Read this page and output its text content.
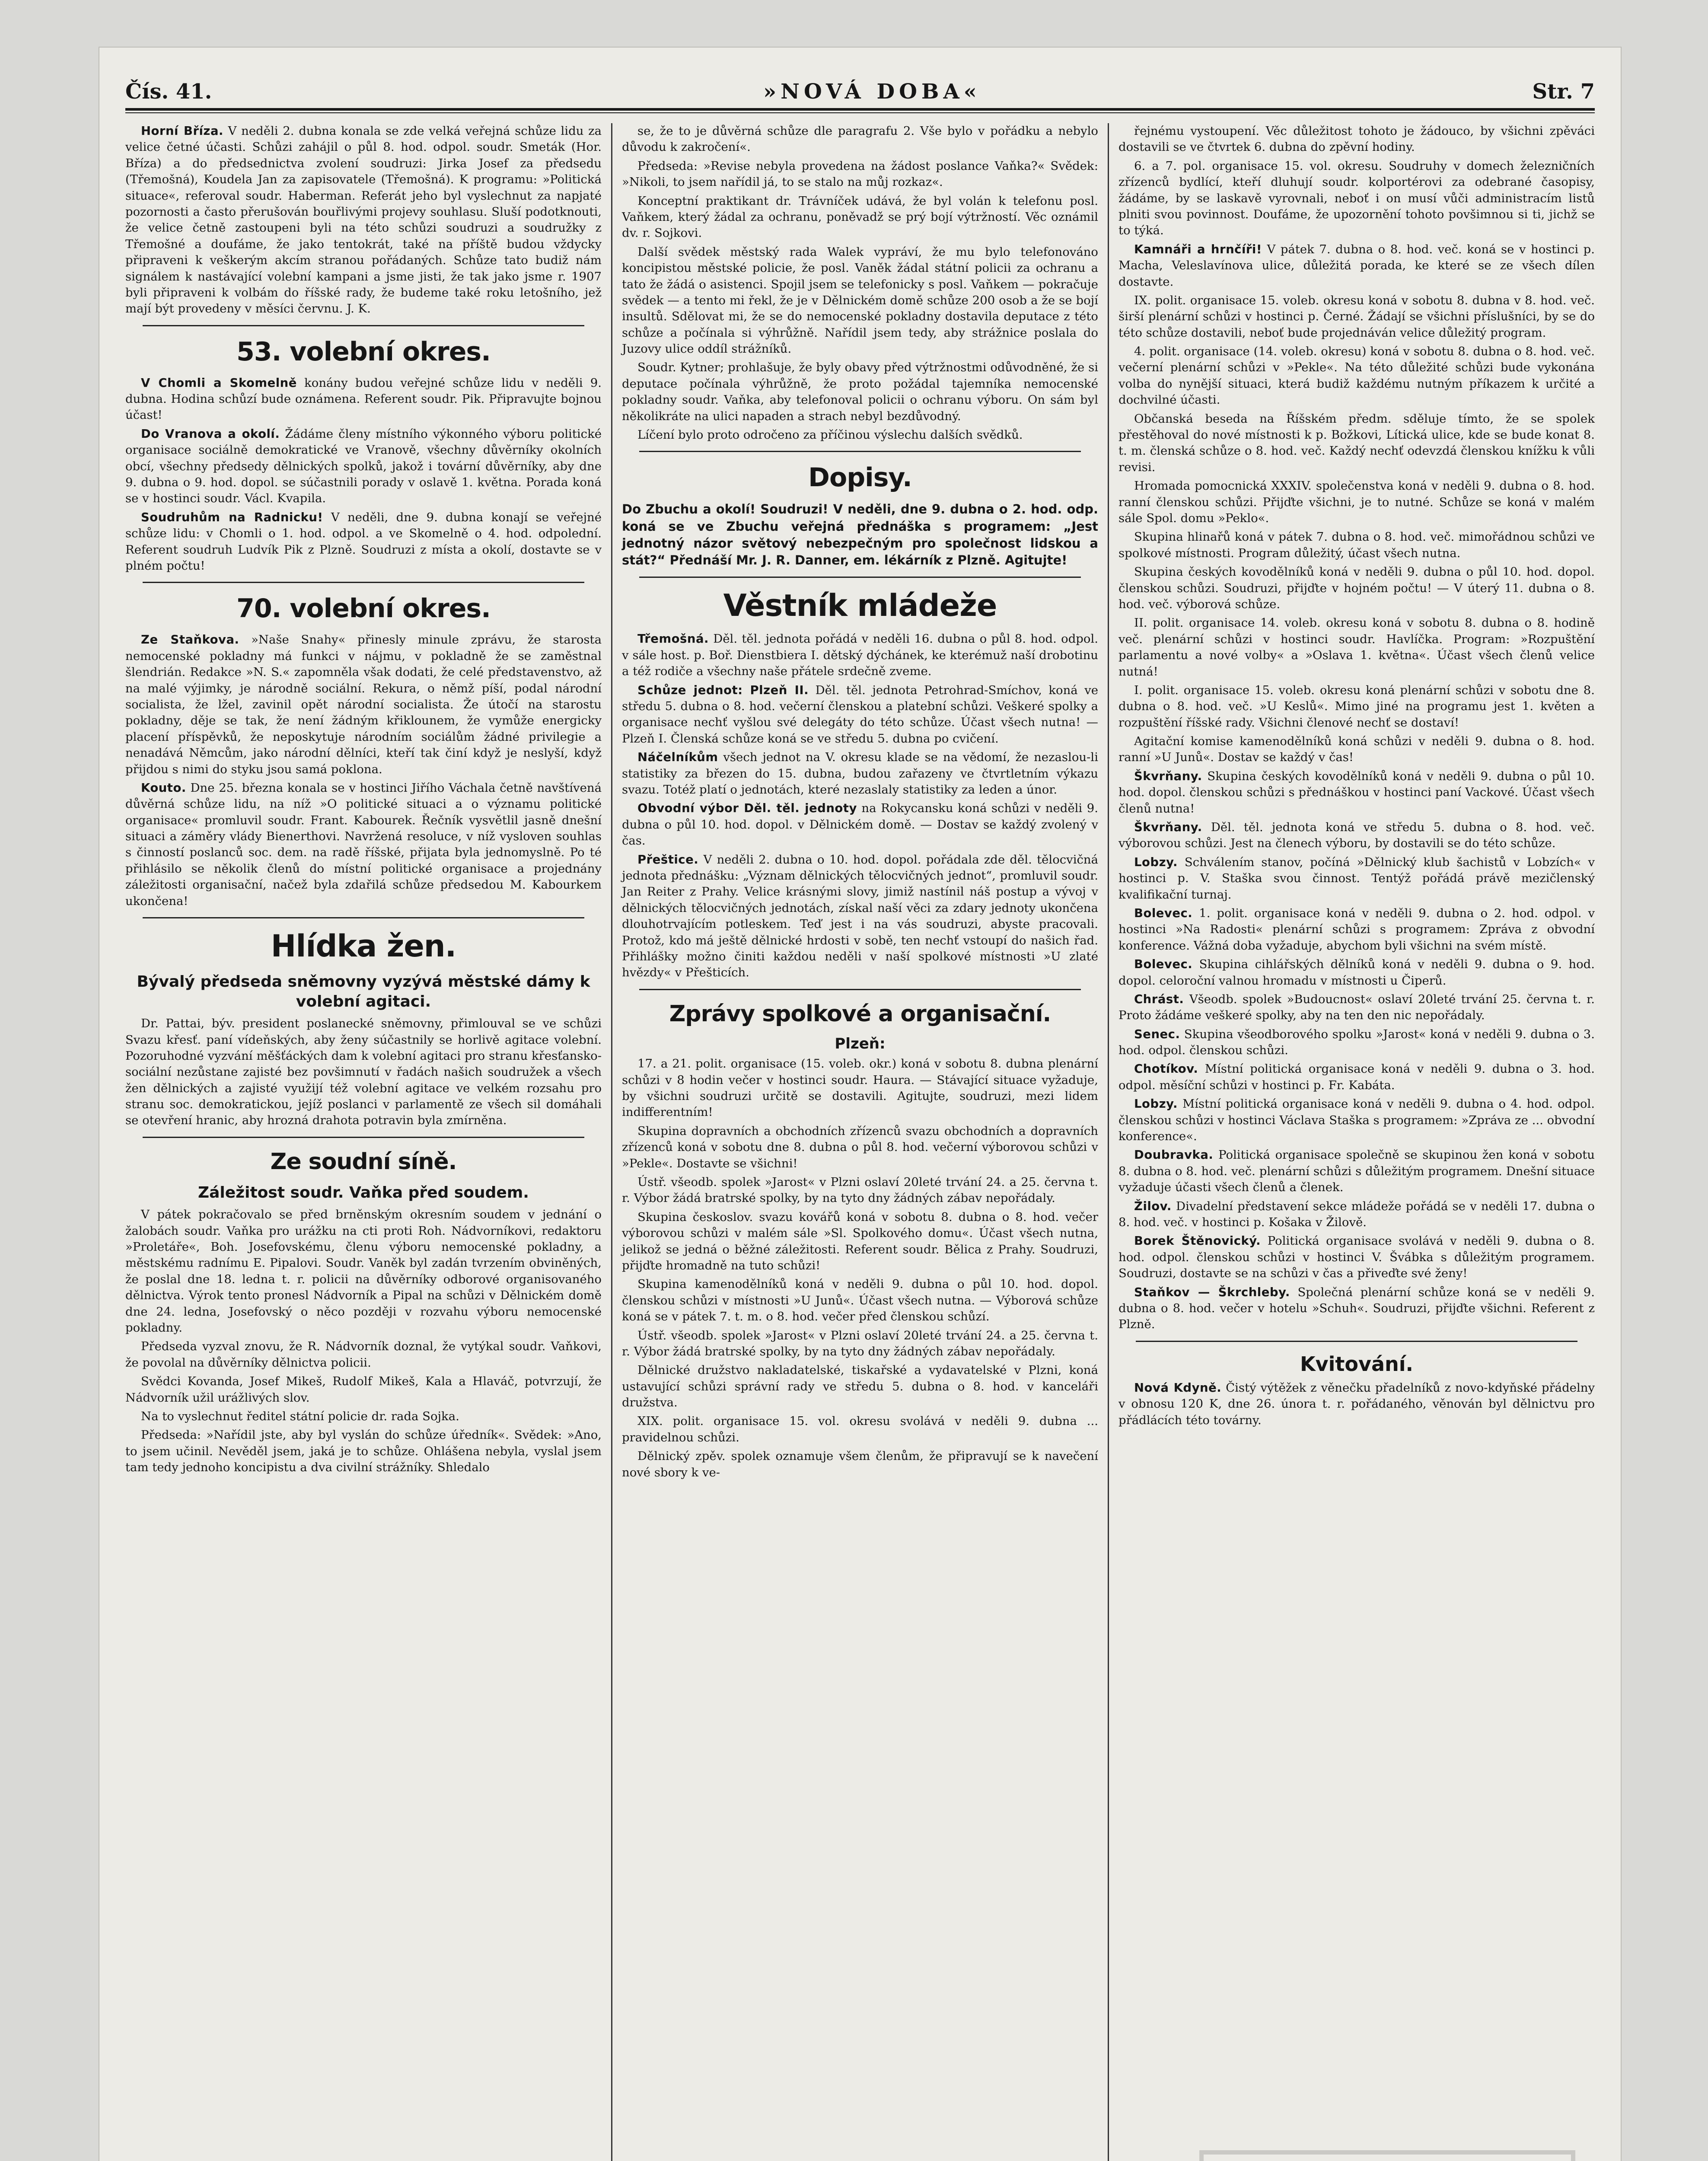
Čís. 41.	»NOVÁ DOBA«	Str. 7

Horní Bříza. V neděli 2. dubna konala se zde velká veřejná schůze lidu za velice četné účasti. Schůzi zahájil o půl 8. hod. odpol. soudr. Smeták (Hor. Bříza) a do předsednictva zvolení soudruzi: Jirka Josef za předsedu (Třemošná), Koudela Jan za zapisovatele (Třemošná). K programu: »Politická situace«, referoval soudr. Haberman. Referát jeho byl vyslechnut za napjaté pozornosti a často přerušován bouřlivými projevy souhlasu. Sluší podotknouti, že velice četně zastoupeni byli na této schůzi soudruzi a soudružky z Třemošné a doufáme, že jako tentokrát, také na příště budou vždycky připraveni k veškerým akcím stranou pořádaných. Schůze tato budiž nám signálem k nastávající volební kampani a jsme jisti, že tak jako jsme r. 1907 byli připraveni k volbám do říšské rady, že budeme také roku letošního, jež mají být provedeny v měsíci červnu. J. K.

53. volební okres.

V Chomli a Skomelně konány budou veřejné schůze lidu v neděli 9. dubna. Hodina schůzí bude oznámena. Referent soudr. Pik. Připravujte bojnou účast!

Do Vranova a okolí. Žádáme členy místního výkonného výboru politické organisace sociálně demokratické ve Vranově, všechny důvěrníky okolních obcí, všechny předsedy dělnických spolků, jakož i tovární důvěrníky, aby dne 9. dubna o 9. hod. dopol. se súčastnili porady v oslavě 1. května. Porada koná se v hostinci soudr. Václ. Kvapila.

Soudruhům na Radnicku! V neděli, dne 9. dubna konají se veřejné schůze lidu: v Chomli o 1. hod. odpol. a ve Skomelně o 4. hod. odpolední. Referent soudruh Ludvík Pik z Plzně. Soudruzi z místa a okolí, dostavte se v plném počtu!

70. volební okres.

Ze Staňkova. »Naše Snahy« přinesly minule zprávu, že starosta nemocenské pokladny má funkci v nájmu, v pokladně že se zaměstnal šlendrián. Redakce »N. S.« zapomněla však dodati, že celé představenstvo, až na malé výjimky, je národně sociální. Rekura, o němž píší, podal národní socialista, že lžel, zavinil opět národní socialista. Že útočí na starostu pokladny, děje se tak, že není žádným křiklounem, že vymůže energicky placení příspěvků, že neposkytuje národním sociálům žádné privilegie a nenadává Němcům, jako národní dělníci, kteří tak činí když je neslyší, když přijdou s nimi do styku jsou samá poklona.

Kouto. Dne 25. března konala se v hostinci Jiřího Váchala četně navštívená důvěrná schůze lidu, na níž »O politické situaci a o významu politické organisace« promluvil soudr. Frant. Kabourek. Řečník vysvětlil jasně dnešní situaci a záměry vlády Bienerthovi. Navržená resoluce, v níž vysloven souhlas s činností poslanců soc. dem. na radě říšské, přijata byla jednomyslně. Po té přihlásilo se několik členů do místní politické organisace a projednány záležitosti organisační, načež byla zdařilá schůze předsedou M. Kabourkem ukončena!

Hlídka žen.
Bývalý předseda sněmovny vyzývá městské dámy k volební agitaci.

Dr. Pattai, býv. president poslanecké sněmovny, přimlouval se ve schůzi Svazu křesť. paní vídeňských, aby ženy súčastnily se horlivě agitace volební. Pozoruhodné vyzvání měšťáckých dam k volební agitaci pro stranu křesťansko-sociální nezůstane zajisté bez povšimnutí v řadách našich soudružek a všech žen dělnických a zajisté využijí též volební agitace ve velkém rozsahu pro stranu soc. demokratickou, jejíž poslanci v parlamentě ze všech sil domáhali se otevření hranic, aby hrozná drahota potravin byla zmírněna.

Ze soudní síně.
Záležitost soudr. Vaňka před soudem.

V pátek pokračovalo se před brněnským okresním soudem v jednání o žalobách soudr. Vaňka pro urážku na cti proti Roh. Nádvorníkovi, redaktoru »Proletáře«, Boh. Josefovskému, členu výboru nemocenské pokladny, a městskému radnímu E. Pipalovi. Soudr. Vaněk byl zadán tvrzením obviněných, že poslal dne 18. ledna t. r. policii na důvěrníky odborové organisovaného dělnictva. Výrok tento pronesl Nádvorník a Pipal na schůzi v Dělnickém domě dne 24. ledna, Josefovský o něco později v rozvahu výboru nemocenské pokladny.

Předseda vyzval znovu, že R. Nádvorník doznal, že vytýkal soudr. Vaňkovi, že povolal na důvěrníky dělnictva policii.

Svědci Kovanda, Josef Mikeš, Rudolf Mikeš, Kala a Hlaváč, potvrzují, že Nádvorník užil urážlivých slov.

Na to vyslechnut ředitel státní policie dr. rada Sojka.

Předseda: »Nařídil jste, aby byl vyslán do schůze úředník«. Svědek: »Ano, to jsem učinil. Nevěděl jsem, jaká je to schůze. Ohlášena nebyla, vyslal jsem tam tedy jednoho koncipistu a dva civilní strážníky. Shledalo

se, že to je důvěrná schůze dle paragrafu 2. Vše bylo v pořádku a nebylo důvodu k zakročení«.

Předseda: »Revise nebyla provedena na žádost poslance Vaňka?« Svědek: »Nikoli, to jsem nařídil já, to se stalo na můj rozkaz«.

Konceptní praktikant dr. Trávníček udává, že byl volán k telefonu posl. Vaňkem, který žádal za ochranu, poněvadž se prý bojí výtržností. Věc oznámil dv. r. Sojkovi.

Další svědek městský rada Walek vypráví, že mu bylo telefonováno koncipistou městské policie, že posl. Vaněk žádal státní policii za ochranu a tato že žádá o asistenci. Spojil jsem se telefonicky s posl. Vaňkem — pokračuje svědek — a tento mi řekl, že je v Dělnickém domě schůze 200 osob a že se bojí insultů. Sdělovat mi, že se do nemocenské pokladny dostavila deputace z této schůze a počínala si výhrůžně. Nařídil jsem tedy, aby strážnice poslala do Juzovy ulice oddíl strážníků.

Soudr. Kytner; prohlašuje, že byly obavy před výtržnostmi odůvodněné, že si deputace počínala výhrůžně, že proto požádal tajemníka nemocenské pokladny soudr. Vaňka, aby telefonoval policii o ochranu výboru. On sám byl několikráte na ulici napaden a strach nebyl bezdůvodný.

Líčení bylo proto odročeno za příčinou výslechu dalších svědků.

Dopisy.

Do Zbuchu a okolí! Soudruzi! V neděli, dne 9. dubna o 2. hod. odp. koná se ve Zbuchu veřejná přednáška s programem: „Jest jednotný názor světový nebezpečným pro společnost lidskou a stát?“ Přednáší Mr. J. R. Danner, em. lékárník z Plzně. Agitujte!

Věstník mládeže

Třemošná. Děl. těl. jednota pořádá v neděli 16. dubna o půl 8. hod. odpol. v sále host. p. Boř. Dienstbiera I. dětský dýchánek, ke kterémuž naší drobotinu a též rodiče a všechny naše přátele srdečně zveme.

Schůze jednot: Plzeň II. Děl. těl. jednota Petrohrad-Smíchov, koná ve středu 5. dubna o 8. hod. večerní členskou a platební schůzi. Veškeré spolky a organisace nechť vyšlou své delegáty do této schůze. Účast všech nutna! — Plzeň I. Členská schůze koná se ve středu 5. dubna po cvičení.

Náčelníkům všech jednot na V. okresu klade se na vědomí, že nezaslou-li statistiky za březen do 15. dubna, budou zařazeny ve čtvrtletním výkazu svazu. Totéž platí o jednotách, které nezaslaly statistiky za leden a únor.

Obvodní výbor Děl. těl. jednoty na Rokycansku koná schůzi v neděli 9. dubna o půl 10. hod. dopol. v Dělnickém domě. — Dostav se každý zvolený v čas.

Přeštice. V neděli 2. dubna o 10. hod. dopol. pořádala zde děl. tělocvičná jednota přednášku: „Význam dělnických tělocvičných jednot“, promluvil soudr. Jan Reiter z Prahy. Velice krásnými slovy, jimiž nastínil náš postup a vývoj v dělnických tělocvičných jednotách, získal naší věci za zdary jednoty ukončena dlouhotrvajícím potleskem. Teď jest i na vás soudruzi, abyste pracovali. Protož, kdo má ještě dělnické hrdosti v sobě, ten nechť vstoupí do našich řad. Přihlášky možno činiti každou neděli v naší spolkové místnosti »U zlaté hvězdy« v Přešticích.

Zprávy spolkové a organisační.
Plzeň:

17. a 21. polit. organisace (15. voleb. okr.) koná v sobotu 8. dubna plenární schůzi v 8 hodin večer v hostinci soudr. Haura. — Stávající situace vyžaduje, by všichni soudruzi určitě se dostavili. Agitujte, soudruzi, mezi lidem indifferentním!

Skupina dopravních a obchodních zřízenců svazu obchodních a dopravních zřízenců koná v sobotu dne 8. dubna o půl 8. hod. večerní výborovou schůzi v »Pekle«. Dostavte se všichni!

Ústř. všeodb. spolek »Jarost« v Plzni oslaví 20leté trvání 24. a 25. června t. r. Výbor žádá bratrské spolky, by na tyto dny žádných zábav nepořádaly.

Skupina českoslov. svazu kovářů koná v sobotu 8. dubna o 8. hod. večer výborovou schůzi v malém sále »Sl. Spolkového domu«. Účast všech nutna, jelikož se jedná o běžné záležitosti. Referent soudr. Bělica z Prahy. Soudruzi, přijďte hromadně na tuto schůzi!

Skupina kamenodělníků koná v neděli 9. dubna o půl 10. hod. dopol. členskou schůzi v místnosti »U Junů«. Účast všech nutna. — Výborová schůze koná se v pátek 7. t. m. o 8. hod. večer před členskou schůzí.

Ústř. všeodb. spolek »Jarost« v Plzni oslaví 20leté trvání 24. a 25. června t. r. Výbor žádá bratrské spolky, by na tyto dny žádných zábav nepořádaly.

Dělnické družstvo nakladatelské, tiskařské a vydavatelské v Plzni, koná ustavující schůzi správní rady ve středu 5. dubna o 8. hod. v kanceláři družstva.

XIX. polit. organisace 15. vol. okresu svolává v neděli 9. dubna ... pravidelnou schůzi.

Dělnický zpěv. spolek oznamuje všem členům, že připravují se k navečení nové sbory k ve-

řejnému vystoupení. Věc důležitost tohoto je žádouco, by všichni zpěváci dostavili se ve čtvrtek 6. dubna do zpěvní hodiny.

6. a 7. pol. organisace 15. vol. okresu. Soudruhy v domech železničních zřízenců bydlící, kteří dluhují soudr. kolportérovi za odebrané časopisy, žádáme, by se laskavě vyrovnali, neboť i on musí vůči administracím listů plniti svou povinnost. Doufáme, že upozornění tohoto povšimnou si ti, jichž se to týká.

Kamnáři a hrnčíři! V pátek 7. dubna o 8. hod. več. koná se v hostinci p. Macha, Veleslavínova ulice, důležitá porada, ke které se ze všech dílen dostavte.

IX. polit. organisace 15. voleb. okresu koná v sobotu 8. dubna v 8. hod. več. širší plenární schůzi v hostinci p. Černé. Žádají se všichni příslušníci, by se do této schůze dostavili, neboť bude projednáván velice důležitý program.

4. polit. organisace (14. voleb. okresu) koná v sobotu 8. dubna o 8. hod. več. večerní plenární schůzi v »Pekle«. Na této důležité schůzi bude vykonána volba do nynější situaci, která budiž každému nutným příkazem k určité a dochvilné účasti.

Občanská beseda na Říšském předm. sděluje tímto, že se spolek přestěhoval do nové místnosti k p. Božkovi, Lítická ulice, kde se bude konat 8. t. m. členská schůze o 8. hod. več. Každý nechť odevzdá členskou knížku k vůli revisi.

Hromada pomocnická XXXIV. společenstva koná v neděli 9. dubna o 8. hod. ranní členskou schůzi. Přijďte všichni, je to nutné. Schůze se koná v malém sále Spol. domu »Peklo«.

Skupina hlinařů koná v pátek 7. dubna o 8. hod. več. mimořádnou schůzi ve spolkové místnosti. Program důležitý, účast všech nutna.

Skupina českých kovodělníků koná v neděli 9. dubna o půl 10. hod. dopol. členskou schůzi. Soudruzi, přijďte v hojném počtu! — V úterý 11. dubna o 8. hod. več. výborová schůze.

II. polit. organisace 14. voleb. okresu koná v sobotu 8. dubna o 8. hodině več. plenární schůzi v hostinci soudr. Havlíčka. Program: »Rozpuštění parlamentu a nové volby« a »Oslava 1. května«. Účast všech členů velice nutná!

I. polit. organisace 15. voleb. okresu koná plenární schůzi v sobotu dne 8. dubna o 8. hod. več. »U Keslů«. Mimo jiné na programu jest 1. květen a rozpuštění říšské rady. Všichni členové nechť se dostaví!

Agitační komise kamenodělníků koná schůzi v neděli 9. dubna o 8. hod. ranní »U Junů«. Dostav se každý v čas!

Škvrňany. Skupina českých kovodělníků koná v neděli 9. dubna o půl 10. hod. dopol. členskou schůzi s přednáškou v hostinci paní Vackové. Účast všech členů nutna!

Škvrňany. Děl. těl. jednota koná ve středu 5. dubna o 8. hod. več. výborovou schůzi. Jest na členech výboru, by dostavili se do této schůze.

Lobzy. Schválením stanov, počíná »Dělnický klub šachistů v Lobzích« v hostinci p. V. Staška svou činnost. Tentýž pořádá právě mezičlenský kvalifikační turnaj.

Bolevec. 1. polit. organisace koná v neděli 9. dubna o 2. hod. odpol. v hostinci »Na Radosti« plenární schůzi s programem: Zpráva z obvodní konference. Vážná doba vyžaduje, abychom byli všichni na svém místě.

Bolevec. Skupina cihlářských dělníků koná v neděli 9. dubna o 9. hod. dopol. celoroční valnou hromadu v místnosti u Čiperů.

Chrást. Všeodb. spolek »Budoucnost« oslaví 20leté trvání 25. června t. r. Proto žádáme veškeré spolky, aby na ten den nic nepořádaly.

Senec. Skupina všeodborového spolku »Jarost« koná v neděli 9. dubna o 3. hod. odpol. členskou schůzi.

Chotíkov. Místní politická organisace koná v neděli 9. dubna o 3. hod. odpol. měsíční schůzi v hostinci p. Fr. Kabáta.

Lobzy. Místní politická organisace koná v neděli 9. dubna o 4. hod. odpol. členskou schůzi v hostinci Václava Staška s programem: »Zpráva ze ... obvodní konference«.

Doubravka. Politická organisace společně se skupinou žen koná v sobotu 8. dubna o 8. hod. več. plenární schůzi s důležitým programem. Dnešní situace vyžaduje účasti všech členů a členek.

Žilov. Divadelní představení sekce mládeže pořádá se v neděli 17. dubna o 8. hod. več. v hostinci p. Košaka v Žilově.

Borek Štěnovický. Politická organisace svolává v neděli 9. dubna o 8. hod. odpol. členskou schůzi v hostinci V. Švábka s důležitým programem. Soudruzi, dostavte se na schůzi v čas a přiveďte své ženy!

Staňkov — Škrchleby. Společná plenární schůze koná se v neděli 9. dubna o 8. hod. večer v hotelu »Schuh«. Soudruzi, přijďte všichni. Referent z Plzně.

Kvitování.

Nová Kdyně. Čistý výtěžek z věnečku přadelníků z novo-kdyňské přádelny v obnosu 120 K, dne 26. února t. r. pořádaného, věnován byl dělnictvu pro přádlácích této továrny.
